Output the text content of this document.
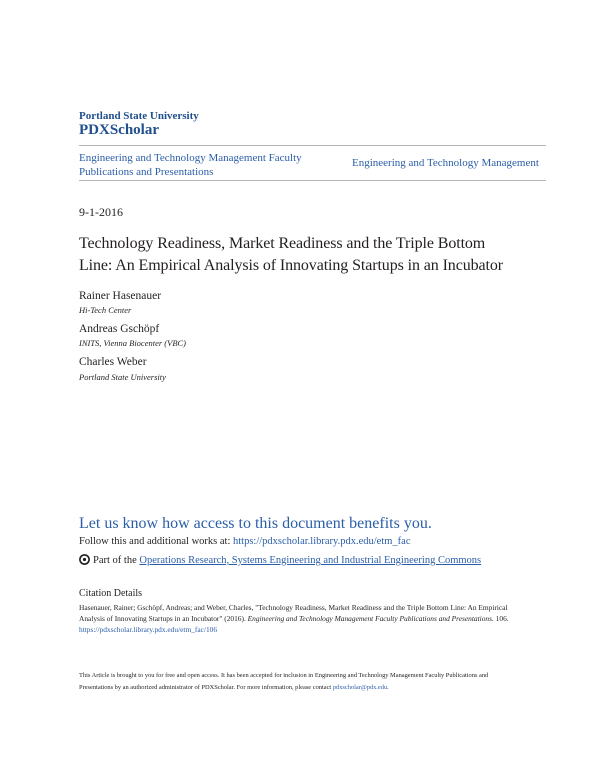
Portland State University
PDXScholar
Engineering and Technology Management Faculty Publications and Presentations
Engineering and Technology Management
9-1-2016
Technology Readiness, Market Readiness and the Triple Bottom Line: An Empirical Analysis of Innovating Startups in an Incubator
Rainer Hasenauer
Hi-Tech Center
Andreas Gschöpf
INITS, Vienna Biocenter (VBC)
Charles Weber
Portland State University
Let us know how access to this document benefits you.
Follow this and additional works at: https://pdxscholar.library.pdx.edu/etm_fac
Part of the Operations Research, Systems Engineering and Industrial Engineering Commons
Citation Details
Hasenauer, Rainer; Gschöpf, Andreas; and Weber, Charles, "Technology Readiness, Market Readiness and the Triple Bottom Line: An Empirical Analysis of Innovating Startups in an Incubator" (2016). Engineering and Technology Management Faculty Publications and Presentations. 106.
https://pdxscholar.library.pdx.edu/etm_fac/106
This Article is brought to you for free and open access. It has been accepted for inclusion in Engineering and Technology Management Faculty Publications and Presentations by an authorized administrator of PDXScholar. For more information, please contact pdxscholar@pdx.edu.
